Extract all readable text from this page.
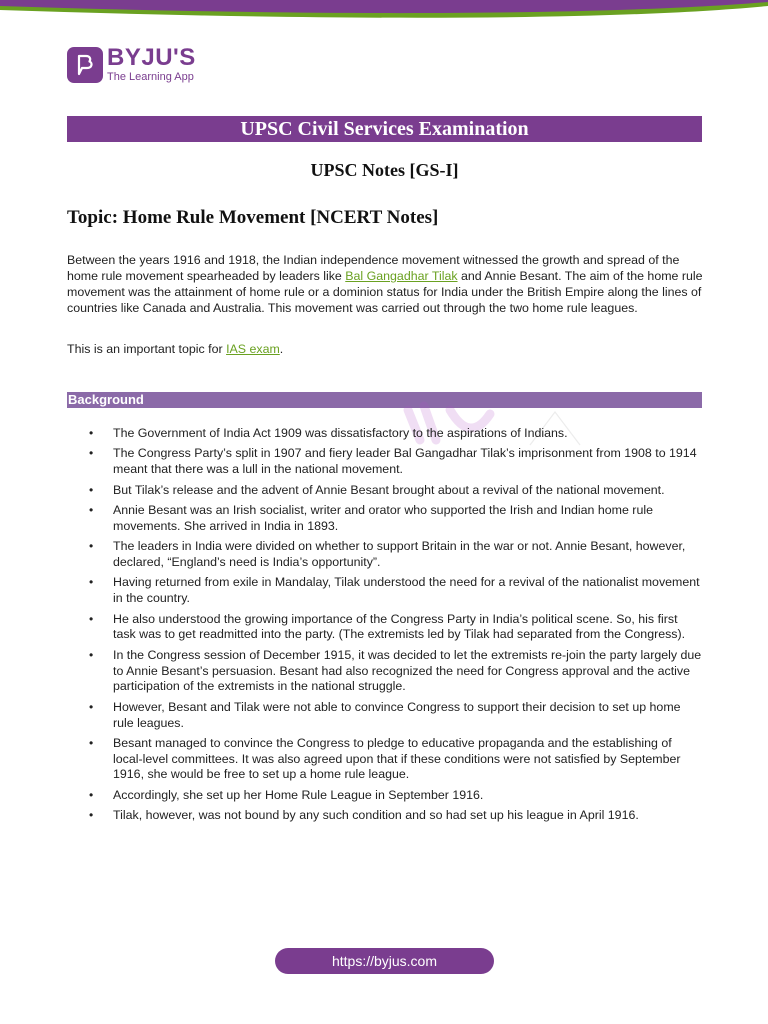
BYJU'S
The Learning App
UPSC Civil Services Examination
UPSC Notes [GS-I]
Topic: Home Rule Movement [NCERT Notes]

Between the years 1916 and 1918, the Indian independence movement witnessed the growth and spread of the home rule movement spearheaded by leaders like Bal Gangadhar Tilak and Annie Besant. The aim of the home rule movement was the attainment of home rule or a dominion status for India under the British Empire along the lines of countries like Canada and Australia. This movement was carried out through the two home rule leagues.

This is an important topic for IAS exam.

Background
• The Government of India Act 1909 was dissatisfactory to the aspirations of Indians.
• The Congress Party’s split in 1907 and fiery leader Bal Gangadhar Tilak’s imprisonment from 1908 to 1914 meant that there was a lull in the national movement.
• But Tilak’s release and the advent of Annie Besant brought about a revival of the national movement.
• Annie Besant was an Irish socialist, writer and orator who supported the Irish and Indian home rule movements. She arrived in India in 1893.
• The leaders in India were divided on whether to support Britain in the war or not. Annie Besant, however, declared, “England’s need is India’s opportunity”.
• Having returned from exile in Mandalay, Tilak understood the need for a revival of the nationalist movement in the country.
• He also understood the growing importance of the Congress Party in India’s political scene. So, his first task was to get readmitted into the party. (The extremists led by Tilak had separated from the Congress).
• In the Congress session of December 1915, it was decided to let the extremists re-join the party largely due to Annie Besant’s persuasion. Besant had also recognized the need for Congress approval and the active participation of the extremists in the national struggle.
• However, Besant and Tilak were not able to convince Congress to support their decision to set up home rule leagues.
• Besant managed to convince the Congress to pledge to educative propaganda and the establishing of local-level committees. It was also agreed upon that if these conditions were not satisfied by September 1916, she would be free to set up a home rule league.
• Accordingly, she set up her Home Rule League in September 1916.
• Tilak, however, was not bound by any such condition and so had set up his league in April 1916.
https://byjus.com
